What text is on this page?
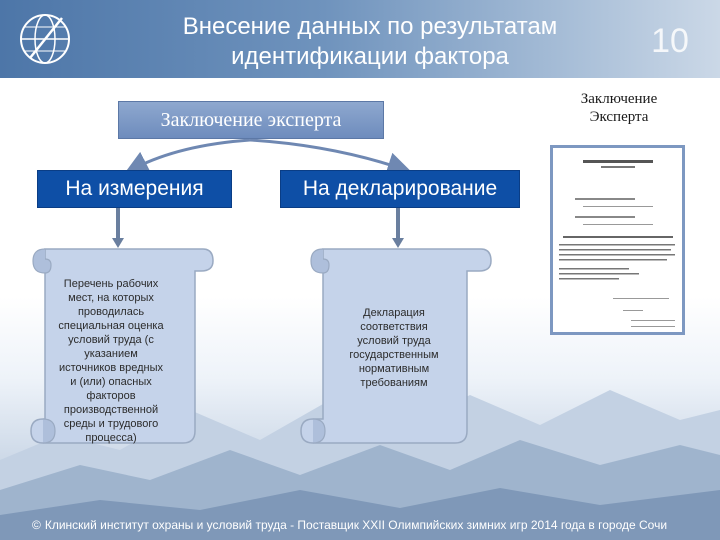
Внесение данных по результатам
идентификации фактора	10
Заключение эксперта
На измерения	На декларирование
Перечень рабочих
мест, на которых
проводилась
специальная оценка
условий труда (с
указанием
источников вредных
и (или) опасных
факторов
производственной
среды и трудового
процесса)
Декларация
соответствия
условий труда
государственным
нормативным
требованиям
Заключение
Эксперта
© Клинский институт охраны и условий труда - Поставщик XXII Олимпийских зимних игр 2014 года в городе Сочи
